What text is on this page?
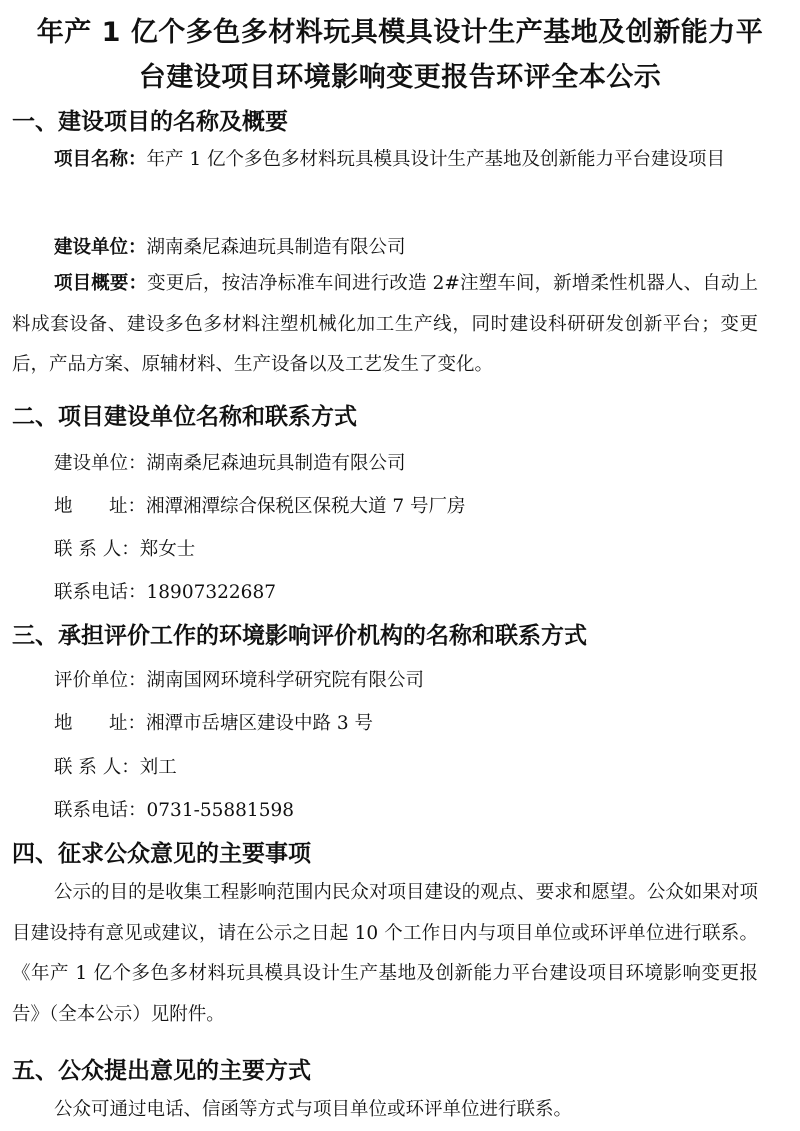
年产 1 亿个多色多材料玩具模具设计生产基地及创新能力平
台建设项目环境影响变更报告环评全本公示
一、建设项目的名称及概要
项目名称：年产 1 亿个多色多材料玩具模具设计生产基地及创新能力平台建设项目
建设单位：湖南桑尼森迪玩具制造有限公司
项目概要：变更后，按洁净标准车间进行改造 2#注塑车间，新增柔性机器人、自动上料成套设备、建设多色多材料注塑机械化加工生产线，同时建设科研研发创新平台；变更后，产品方案、原辅材料、生产设备以及工艺发生了变化。
二、项目建设单位名称和联系方式
建设单位：湖南桑尼森迪玩具制造有限公司
地 址：湘潭湘潭综合保税区保税大道 7 号厂房
联 系 人：郑女士
联系电话：18907322687
三、承担评价工作的环境影响评价机构的名称和联系方式
评价单位：湖南国网环境科学研究院有限公司
地 址：湘潭市岳塘区建设中路 3 号
联 系 人：刘工
联系电话：0731-55881598
四、征求公众意见的主要事项
公示的目的是收集工程影响范围内民众对项目建设的观点、要求和愿望。公众如果对项目建设持有意见或建议，请在公示之日起 10 个工作日内与项目单位或环评单位进行联系。《年产 1 亿个多色多材料玩具模具设计生产基地及创新能力平台建设项目环境影响变更报告》（全本公示）见附件。
五、公众提出意见的主要方式
公众可通过电话、信函等方式与项目单位或环评单位进行联系。
